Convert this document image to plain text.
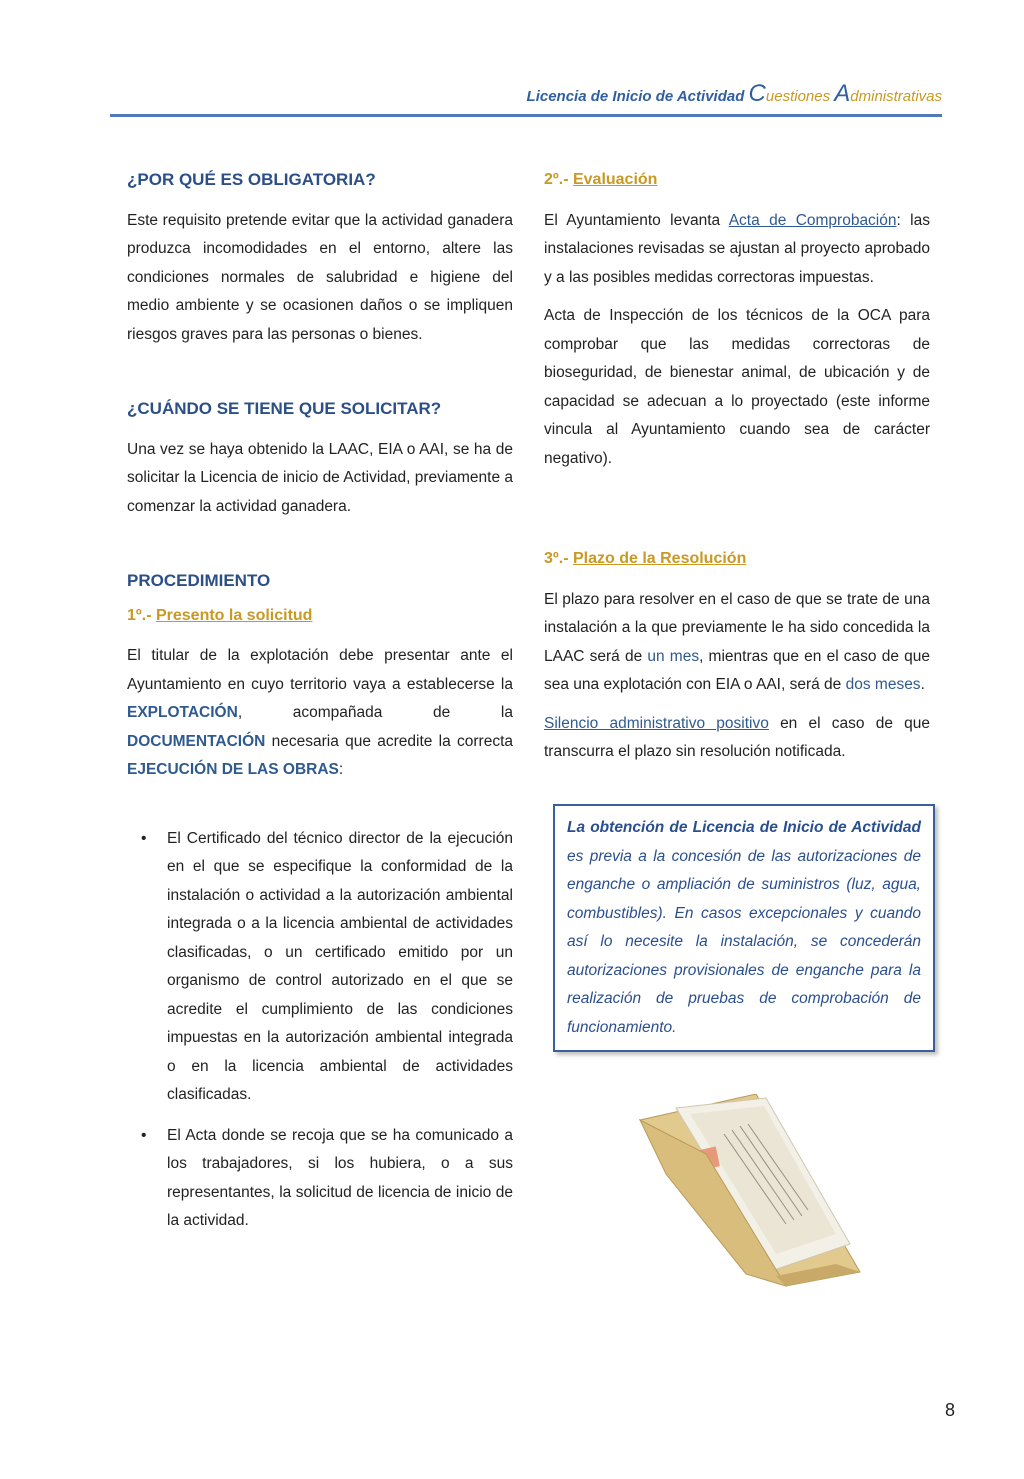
Licencia de Inicio de Actividad Cuestiones Administrativas
¿POR QUÉ ES OBLIGATORIA?

Este requisito pretende evitar que la actividad ganadera produzca incomodidades en el entorno, altere las condiciones normales de salubridad e higiene del medio ambiente y se ocasionen daños o se impliquen riesgos graves para las personas o bienes.

¿CUÁNDO SE TIENE QUE SOLICITAR?

Una vez se haya obtenido la LAAC, EIA o AAI, se ha de solicitar la Licencia de inicio de Actividad, previamente a comenzar la actividad ganadera.

PROCEDIMIENTO
1º.- Presento la solicitud

El titular de la explotación debe presentar ante el Ayuntamiento en cuyo territorio vaya a establecerse la EXPLOTACIÓN, acompañada de la DOCUMENTACIÓN necesaria que acredite la correcta EJECUCIÓN DE LAS OBRAS:

• El Certificado del técnico director de la ejecución en el que se especifique la conformidad de la instalación o actividad a la autorización ambiental integrada o a la licencia ambiental de actividades clasificadas, o un certificado emitido por un organismo de control autorizado en el que se acredite el cumplimiento de las condiciones impuestas en la autorización ambiental integrada o en la licencia ambiental de actividades clasificadas.
• El Acta donde se recoja que se ha comunicado a los trabajadores, si los hubiera, o a sus representantes, la solicitud de licencia de inicio de la actividad.
2º.- Evaluación

El Ayuntamiento levanta Acta de Comprobación: las instalaciones revisadas se ajustan al proyecto aprobado y a las posibles medidas correctoras impuestas.

Acta de Inspección de los técnicos de la OCA para comprobar que las medidas correctoras de bioseguridad, de bienestar animal, de ubicación y de capacidad se adecuan a lo proyectado (este informe vincula al Ayuntamiento cuando sea de carácter negativo).

3º.- Plazo de la Resolución

El plazo para resolver en el caso de que se trate de una instalación a la que previamente le ha sido concedida la LAAC será de un mes, mientras que en el caso de que sea una explotación con EIA o AAI, será de dos meses.

Silencio administrativo positivo en el caso de que transcurra el plazo sin resolución notificada.

La obtención de Licencia de Inicio de Actividad es previa a la concesión de las autorizaciones de enganche o ampliación de suministros (luz, agua, combustibles). En casos excepcionales y cuando así lo necesite la instalación, se concederán autorizaciones provisionales de enganche para la realización de pruebas de comprobación de funcionamiento.
8
